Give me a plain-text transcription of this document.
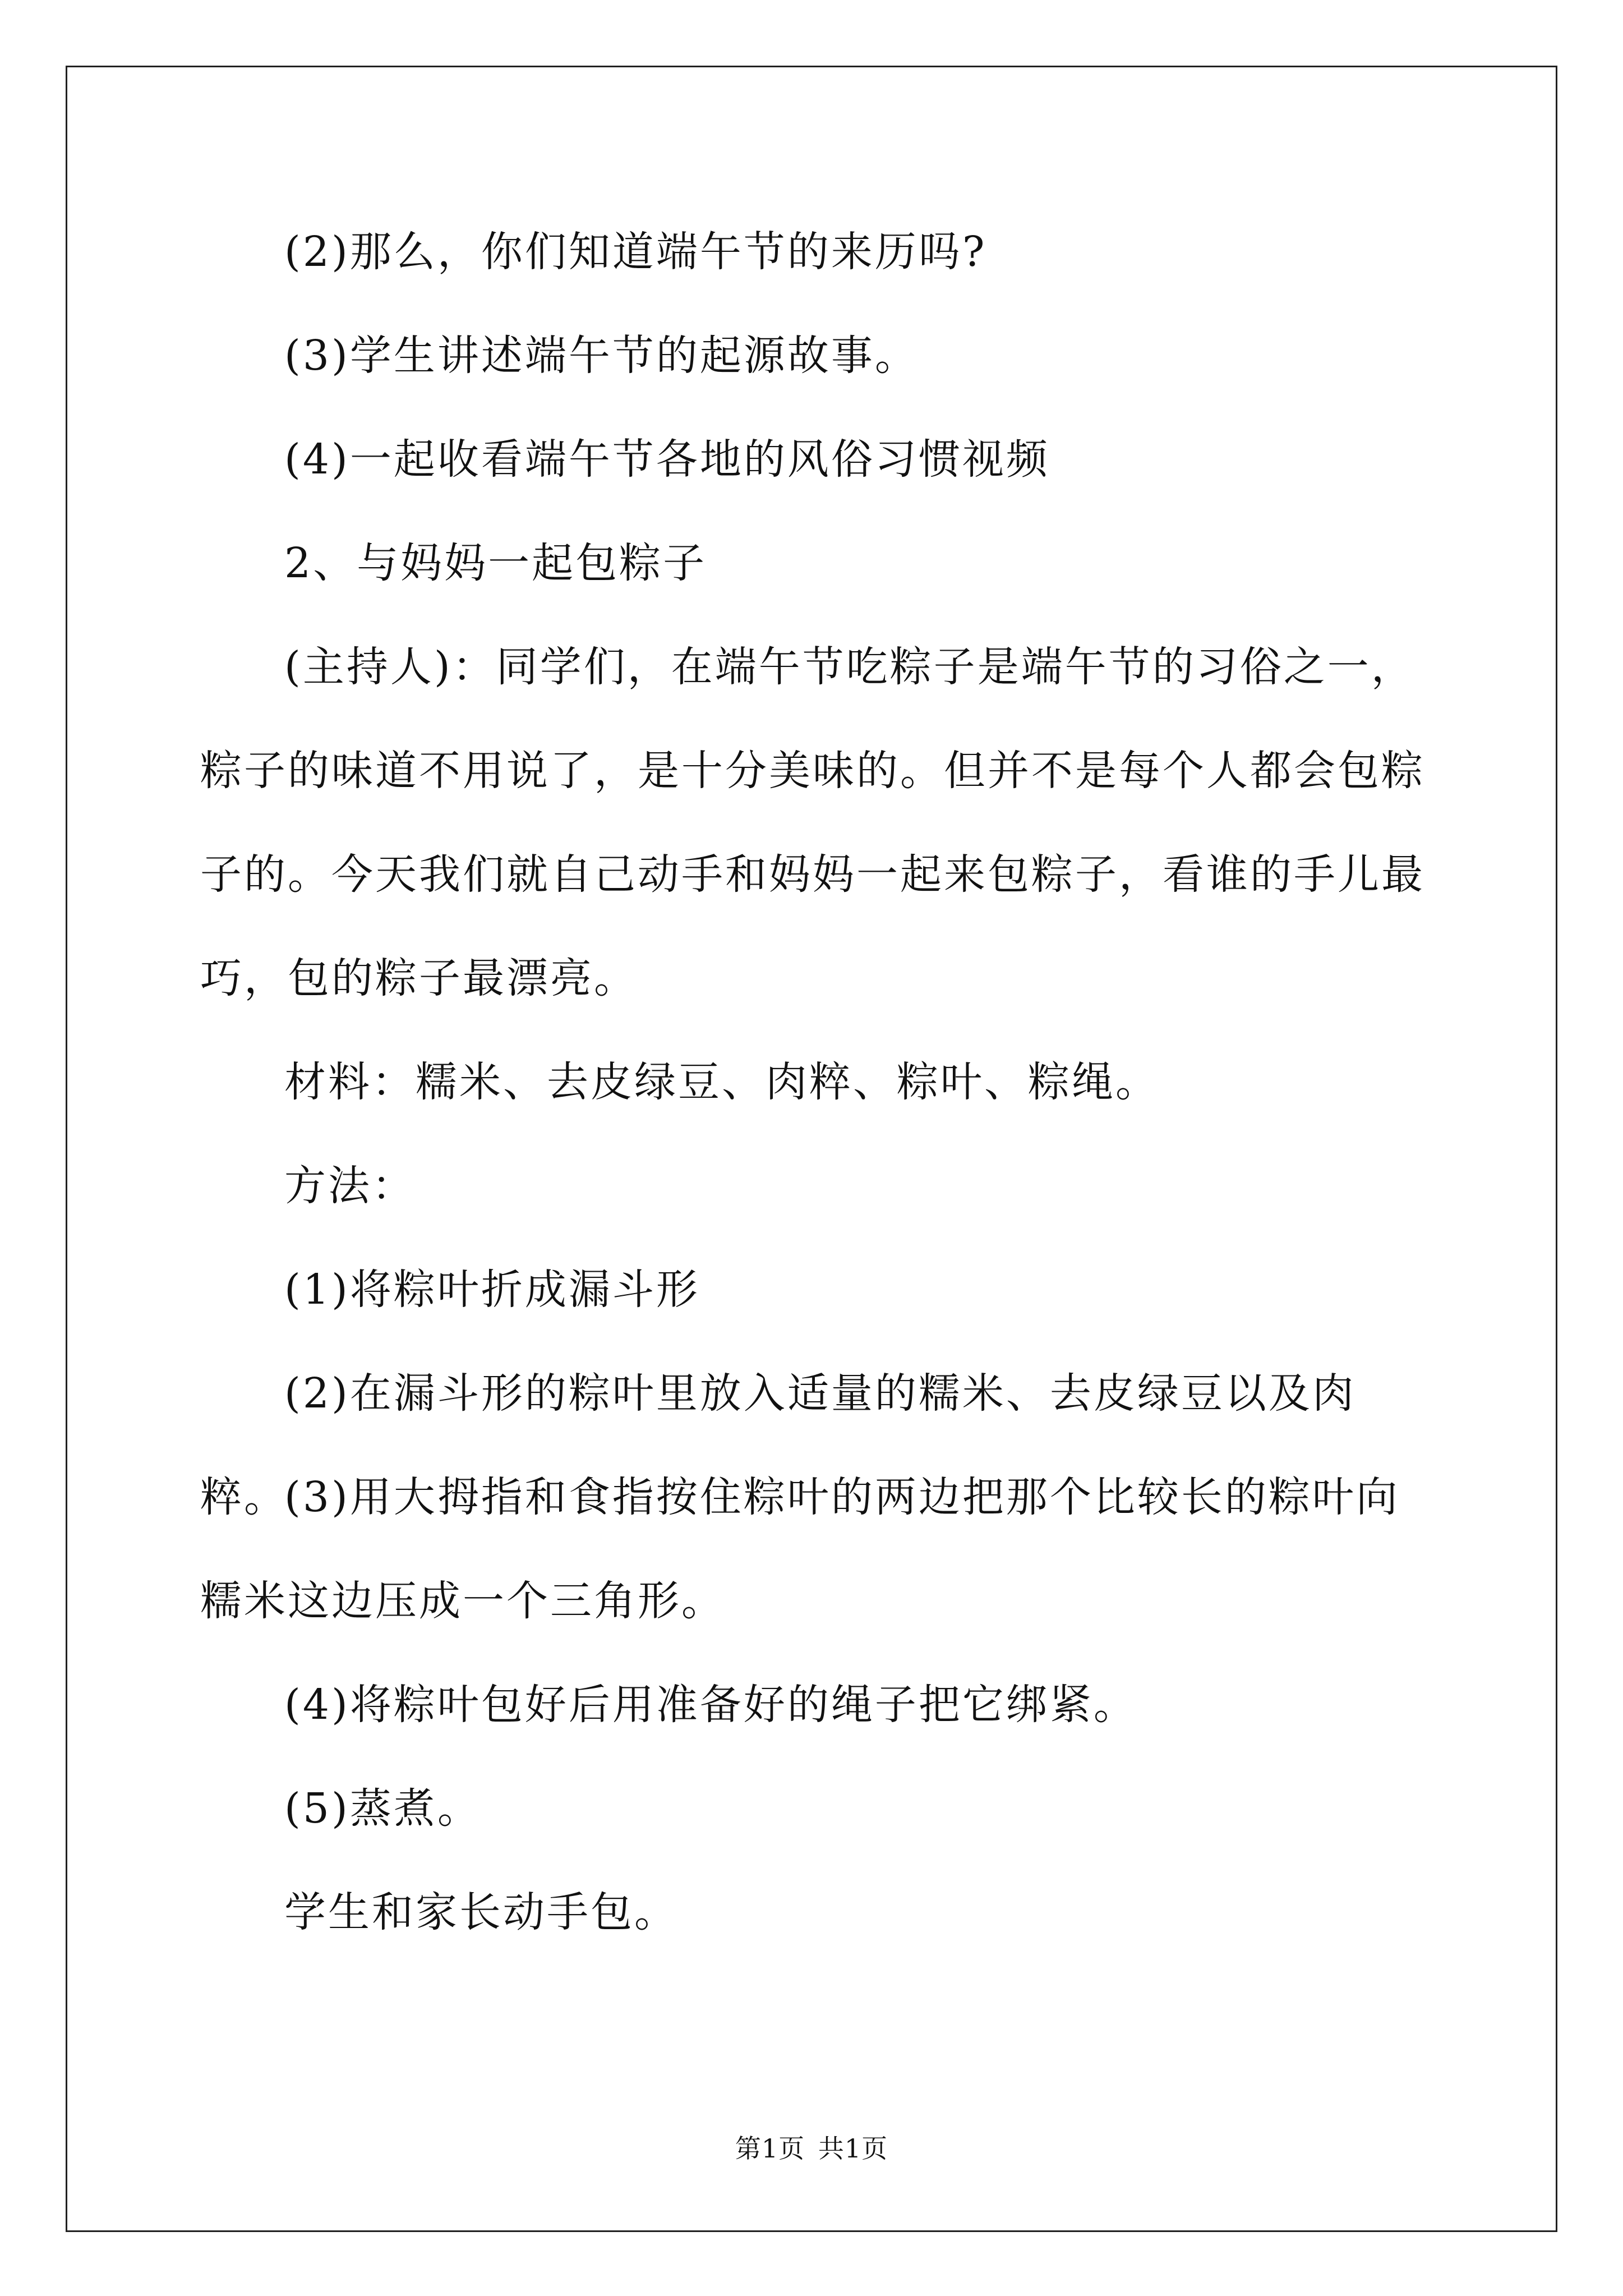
(2)那么，你们知道端午节的来历吗?
(3)学生讲述端午节的起源故事。
(4)一起收看端午节各地的风俗习惯视频
2、与妈妈一起包粽子
(主持人)：同学们，在端午节吃粽子是端午节的习俗之一，粽子的味道不用说了，是十分美味的。但并不是每个人都会包粽子的。今天我们就自己动手和妈妈一起来包粽子，看谁的手儿最巧，包的粽子最漂亮。
材料：糯米、去皮绿豆、肉粹、粽叶、粽绳。
方法：
(1)将粽叶折成漏斗形
(2)在漏斗形的粽叶里放入适量的糯米、去皮绿豆以及肉粹。
(3)用大拇指和食指按住粽叶的两边把那个比较长的粽叶向糯米这边压成一个三角形。
(4)将粽叶包好后用准备好的绳子把它绑紧。
(5)蒸煮。
学生和家长动手包。
第1页 共1页
